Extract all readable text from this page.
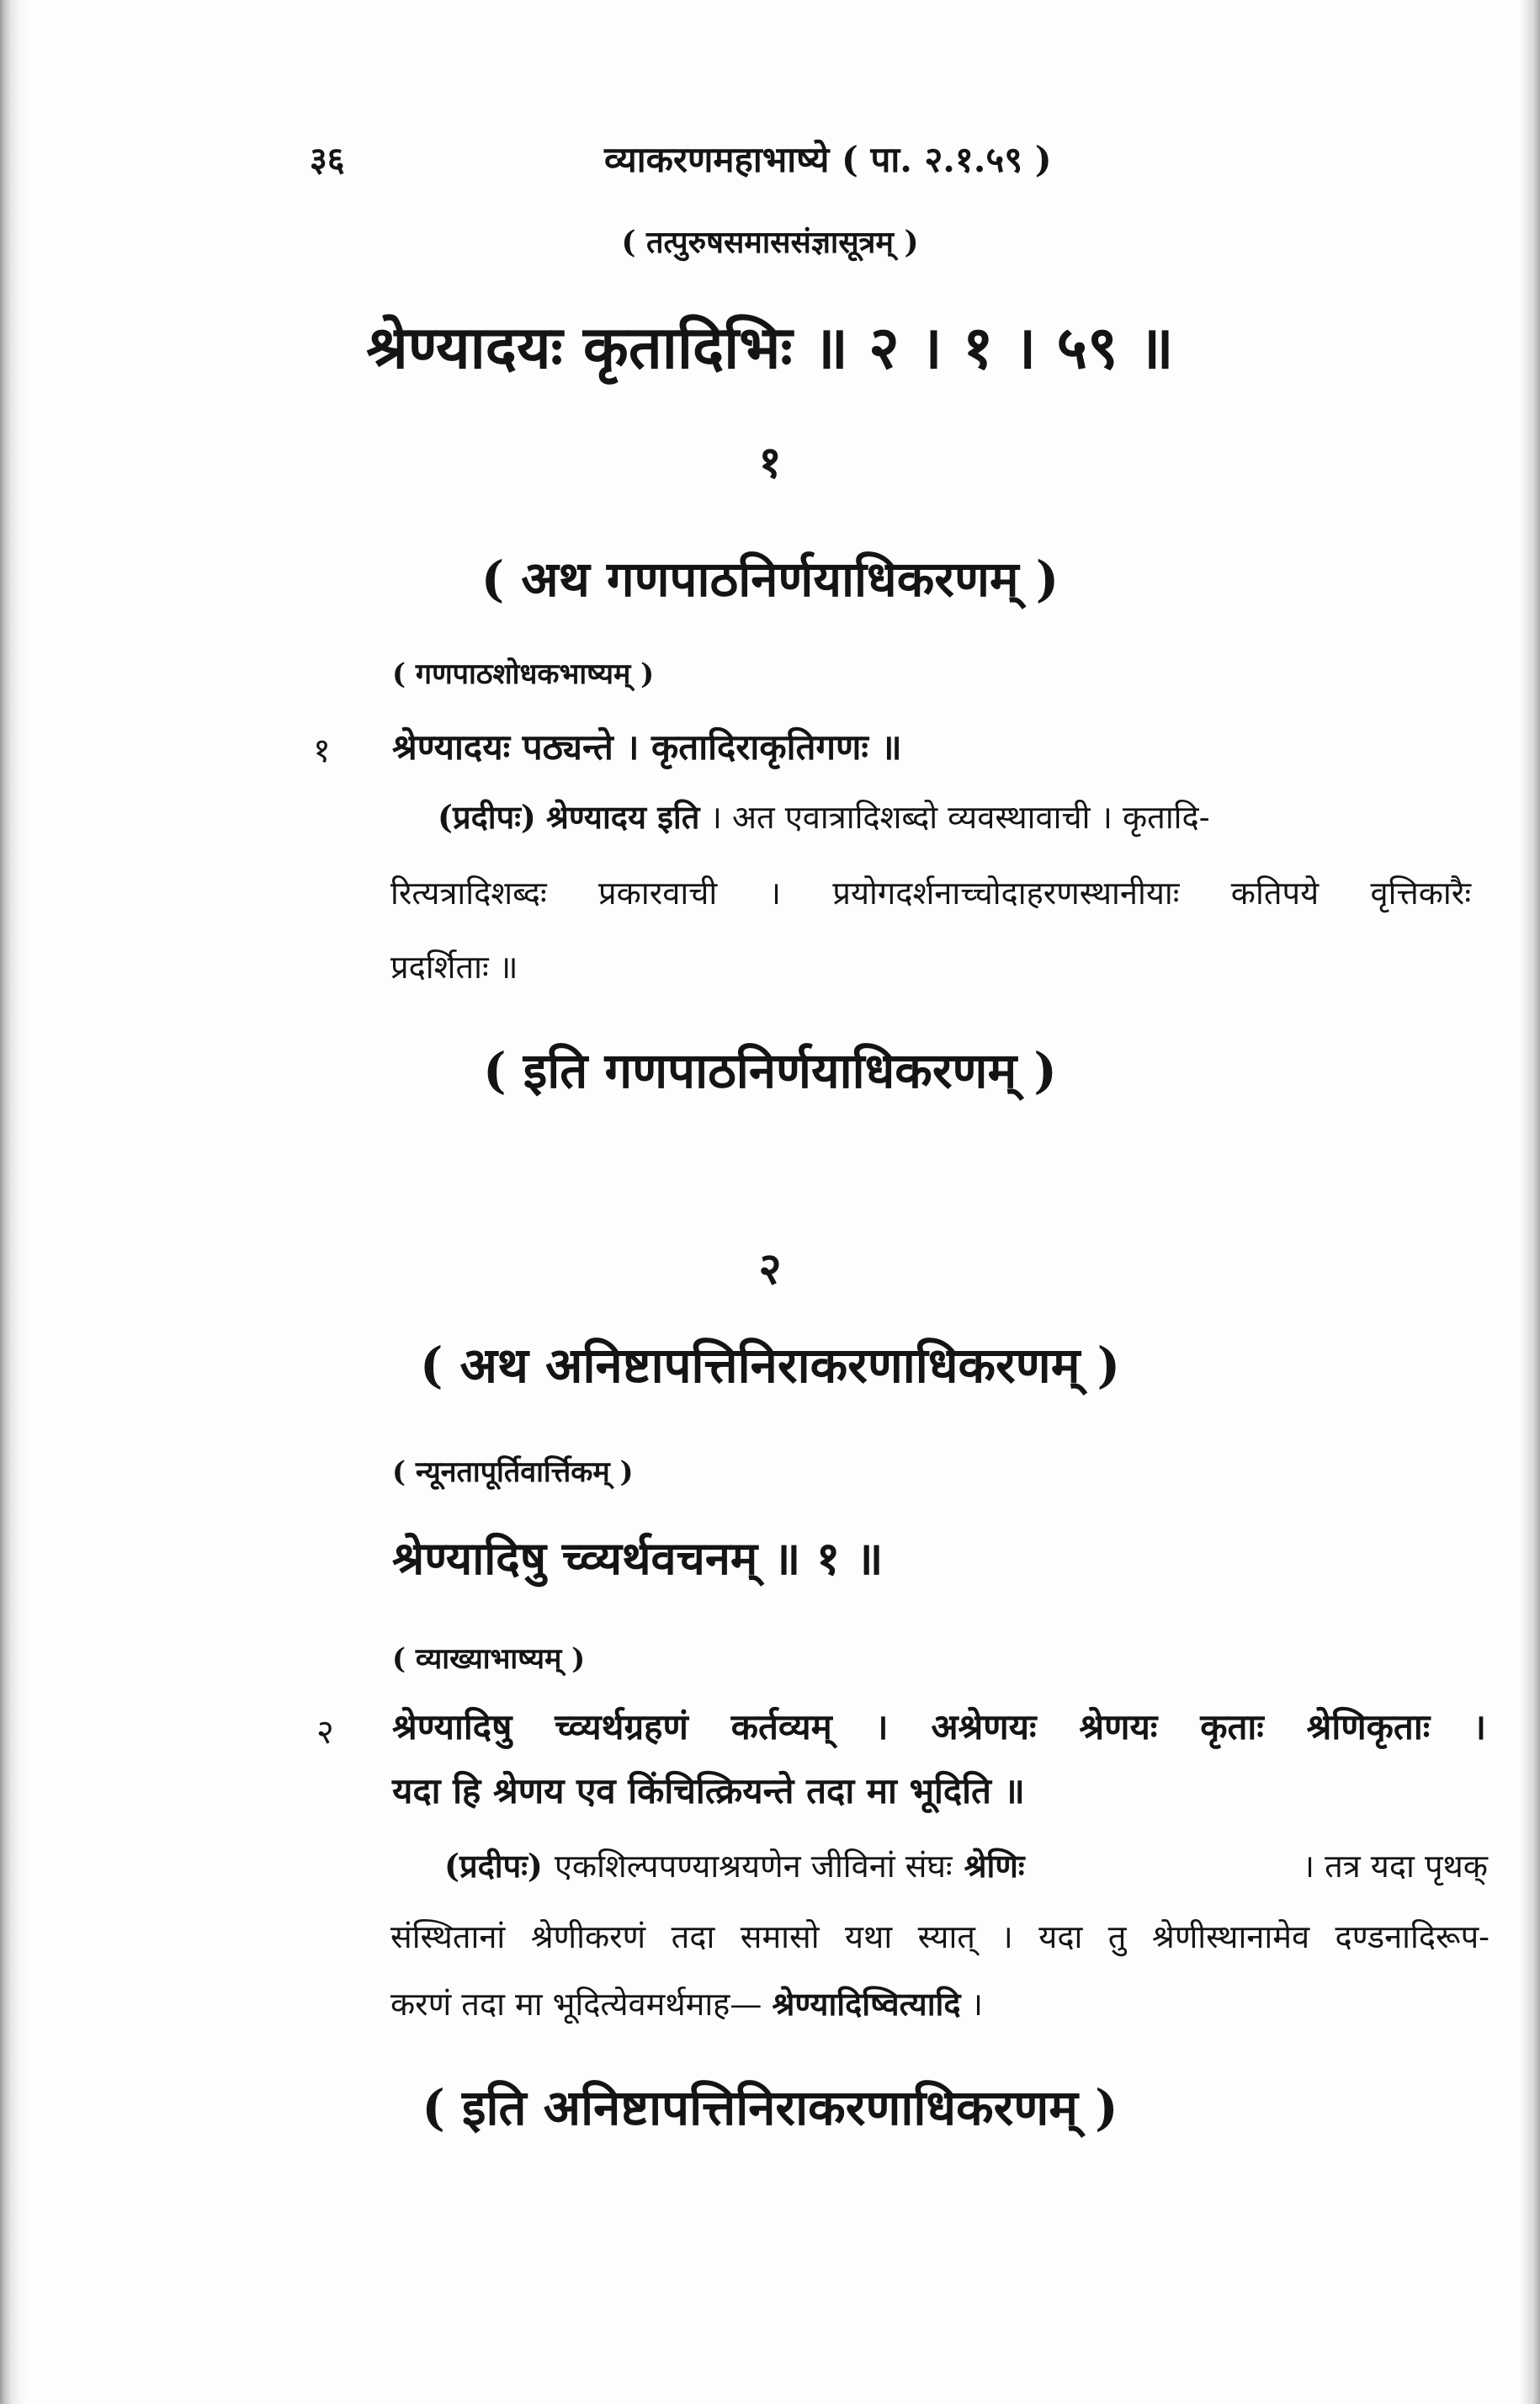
३६	व्याकरणमहाभाष्ये ( पा. २.१.५९ )
( तत्पुरुषसमाससंज्ञासूत्रम् )
श्रेण्यादयः कृतादिभिः ॥ २ । १ । ५९ ॥
१
( अथ गणपाठनिर्णयाधिकरणम् )
( गणपाठशोधकभाष्यम् )
१ श्रेण्यादयः पठ्यन्ते । कृतादिराकृतिगणः ॥
(प्रदीपः) श्रेण्यादय इति । अत एवात्रादिशब्दो व्यवस्थावाची । कृतादि-
रित्यत्रादिशब्दः प्रकारवाची । प्रयोगदर्शनाच्चोदाहरणस्थानीयाः कतिपये वृत्तिकारैः
प्रदर्शिताः ॥
( इति गणपाठनिर्णयाधिकरणम् )
२
( अथ अनिष्टापत्तिनिराकरणाधिकरणम् )
( न्यूनतापूर्तिवार्त्तिकम् )
श्रेण्यादिषु च्व्यर्थवचनम् ॥ १ ॥
( व्याख्याभाष्यम् )
२ श्रेण्यादिषु च्व्यर्थग्रहणं कर्तव्यम् । अश्रेणयः श्रेणयः कृताः श्रेणिकृताः ।
यदा हि श्रेणय एव किंचित्क्रियन्ते तदा मा भूदिति ॥
(प्रदीपः) एकशिल्पपण्याश्रयणेन जीविनां संघः श्रेणिः	। तत्र यदा पृथक्
संस्थितानां श्रेणीकरणं तदा समासो यथा स्यात् । यदा तु श्रेणीस्थानामेव दण्डनादिरूप-
करणं तदा मा भूदित्येवमर्थमाह— श्रेण्यादिष्वित्यादि ।
( इति अनिष्टापत्तिनिराकरणाधिकरणम् )
